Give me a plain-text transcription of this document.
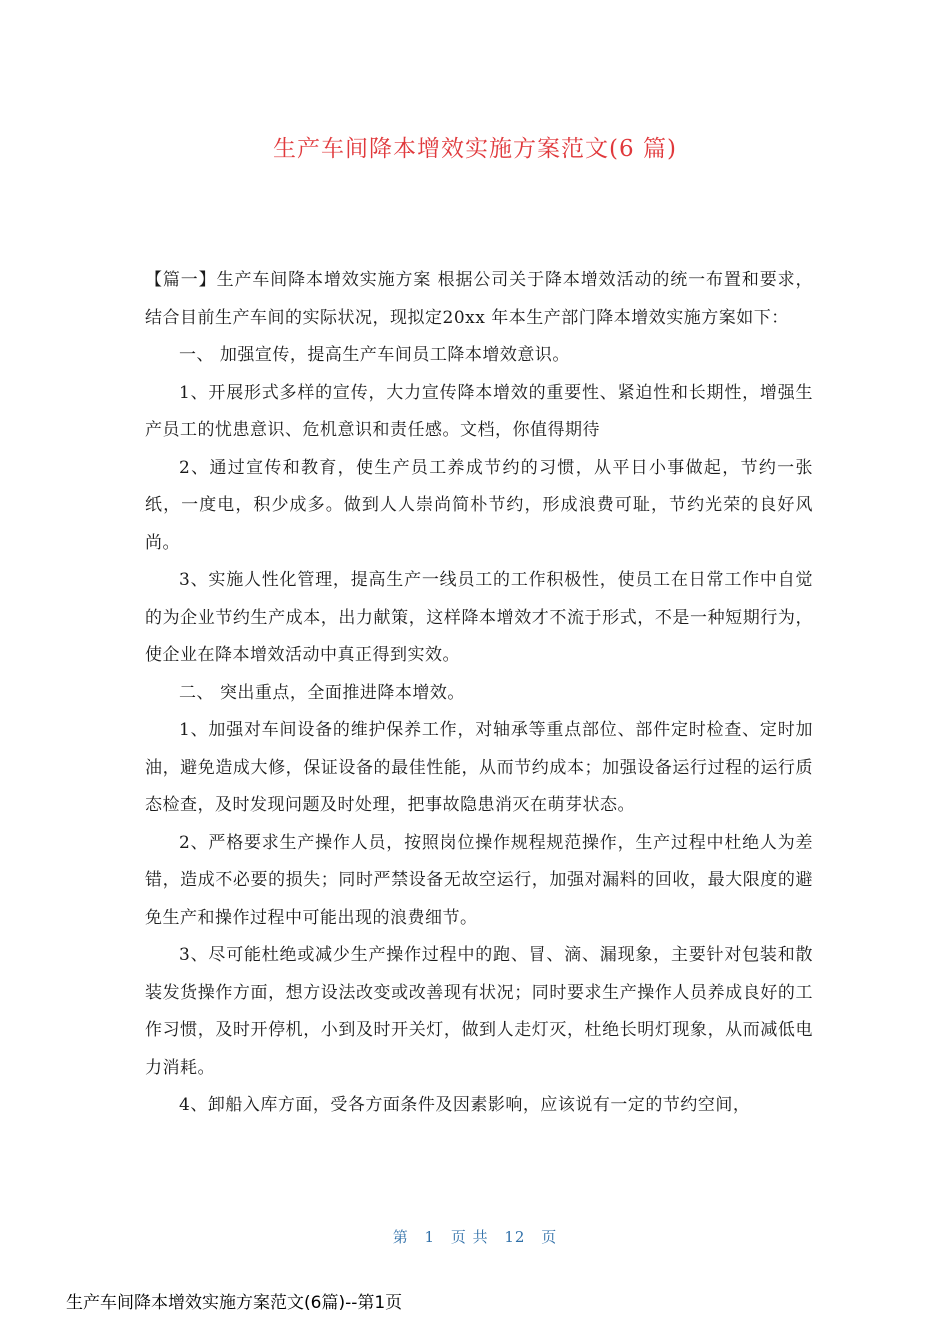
生产车间降本增效实施方案范文(6 篇)

【篇一】生产车间降本增效实施方案 根据公司关于降本增效活动的统一布置和要求，结合目前生产车间的实际状况，现拟定20xx 年本生产部门降本增效实施方案如下：

一、 加强宣传，提高生产车间员工降本增效意识。

1、开展形式多样的宣传，大力宣传降本增效的重要性、紧迫性和长期性，增强生产员工的忧患意识、危机意识和责任感。文档，你值得期待

2、通过宣传和教育，使生产员工养成节约的习惯，从平日小事做起，节约一张纸，一度电，积少成多。做到人人崇尚简朴节约，形成浪费可耻，节约光荣的良好风尚。

3、实施人性化管理，提高生产一线员工的工作积极性，使员工在日常工作中自觉的为企业节约生产成本，出力献策，这样降本增效才不流于形式，不是一种短期行为，使企业在降本增效活动中真正得到实效。

二、 突出重点，全面推进降本增效。

1、加强对车间设备的维护保养工作，对轴承等重点部位、部件定时检查、定时加油，避免造成大修，保证设备的最佳性能，从而节约成本；加强设备运行过程的运行质态检查，及时发现问题及时处理，把事故隐患消灭在萌芽状态。

2、严格要求生产操作人员，按照岗位操作规程规范操作，生产过程中杜绝人为差错，造成不必要的损失；同时严禁设备无故空运行，加强对漏料的回收，最大限度的避免生产和操作过程中可能出现的浪费细节。

3、尽可能杜绝或减少生产操作过程中的跑、冒、滴、漏现象，主要针对包装和散装发货操作方面，想方设法改变或改善现有状况；同时要求生产操作人员养成良好的工作习惯，及时开停机，小到及时开关灯，做到人走灯灭，杜绝长明灯现象，从而减低电力消耗。

4、卸船入库方面，受各方面条件及因素影响，应该说有一定的节约空间，

第 1 页 共 12 页
生产车间降本增效实施方案范文(6篇)--第1页
